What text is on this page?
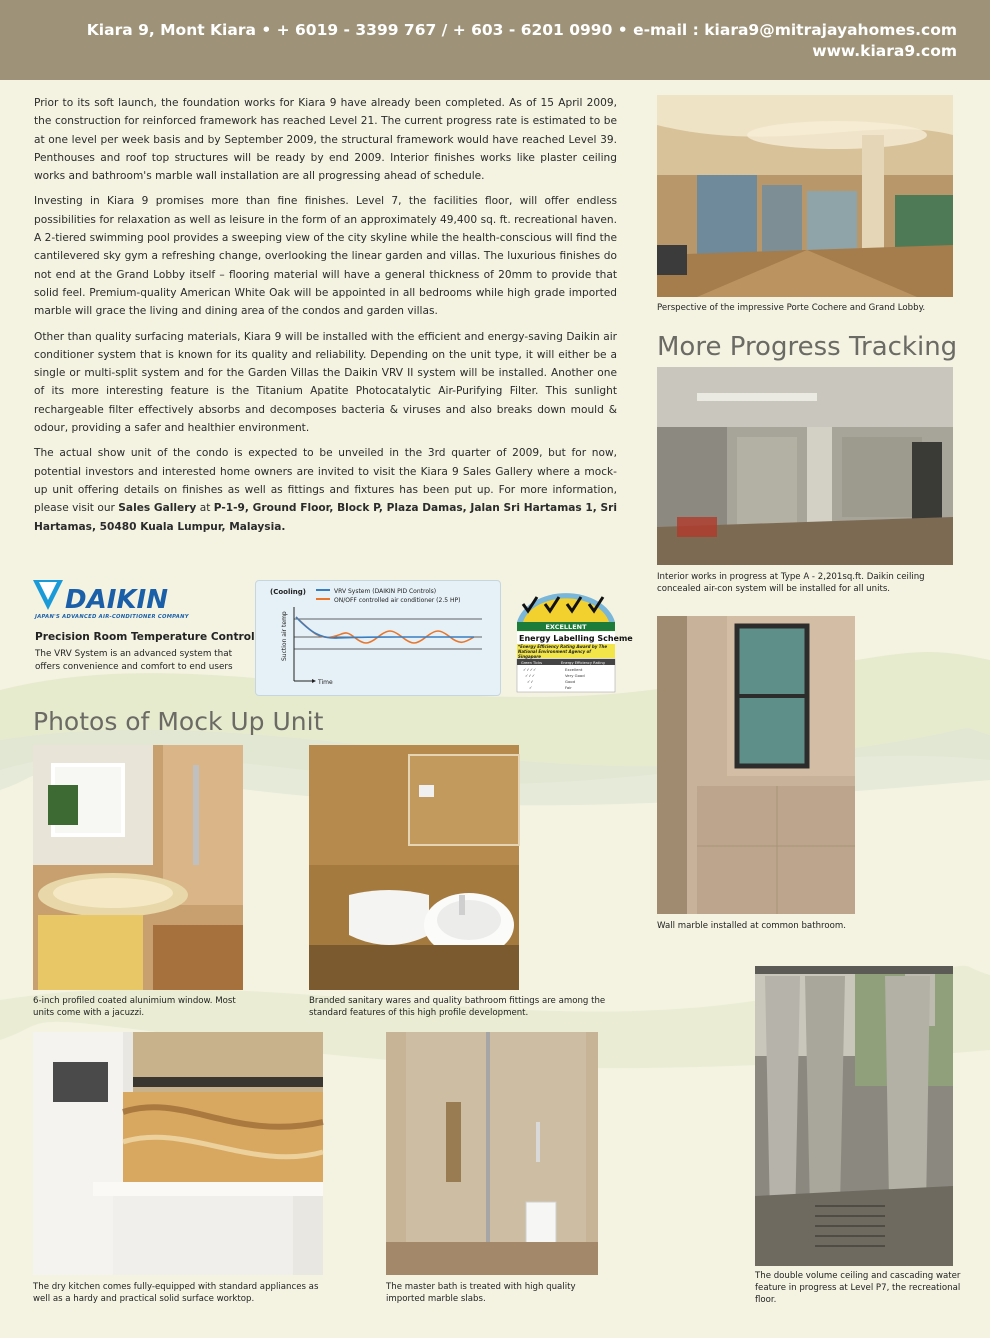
Kiara 9, Mont Kiara • + 6019 - 3399 767 / + 603 - 6201 0990 • e-mail : kiara9@mitrajayahomes.com
www.kiara9.com

Prior to its soft launch, the foundation works for Kiara 9 have already been completed. As of 15 April 2009, the construction for reinforced framework has reached Level 21. The current progress rate is estimated to be at one level per week basis and by September 2009, the structural framework would have reached Level 39. Penthouses and roof top structures will be ready by end 2009. Interior finishes works like plaster ceiling works and bathroom's marble wall installation are all progressing ahead of schedule.

Investing in Kiara 9 promises more than fine finishes. Level 7, the facilities floor, will offer endless possibilities for relaxation as well as leisure in the form of an approximately 49,400 sq. ft. recreational haven. A 2-tiered swimming pool provides a sweeping view of the city skyline while the health-conscious will find the cantilevered sky gym a refreshing change, overlooking the linear garden and villas. The luxurious finishes do not end at the Grand Lobby itself – flooring material will have a general thickness of 20mm to provide that solid feel. Premium-quality American White Oak will be appointed in all bedrooms while high grade imported marble will grace the living and dining area of the condos and garden villas.

Other than quality surfacing materials, Kiara 9 will be installed with the efficient and energy-saving Daikin air conditioner system that is known for its quality and reliability. Depending on the unit type, it will either be a single or multi-split system and for the Garden Villas the Daikin VRV II system will be installed. Another one of its more interesting feature is the Titanium Apatite Photocatalytic Air-Purifying Filter. This sunlight rechargeable filter effectively absorbs and decomposes bacteria & viruses and also breaks down mould & odour, providing a safer and healthier environment.

The actual show unit of the condo is expected to be unveiled in the 3rd quarter of 2009, but for now, potential investors and interested home owners are invited to visit the Kiara 9 Sales Gallery where a mock-up unit offering details on finishes as well as fittings and fixtures has been put up. For more information, please visit our Sales Gallery at P-1-9, Ground Floor, Block P, Plaza Damas, Jalan Sri Hartamas 1, Sri Hartamas, 50480 Kuala Lumpur, Malaysia.

DAIKIN
JAPAN'S ADVANCED AIR-CONDITIONER COMPANY
Precision Room Temperature Control
The VRV System is an advanced system that offers convenience and comfort to end users
(Cooling)	VRV System (DAIKIN PID Controls)
ON/OFF controlled air conditioner (2.5 HP)
Suction air temp
Time
EXCELLENT
Energy Labelling Scheme
*Energy Efficiency Rating Award by The National Environment Agency of Singapore
Green Ticks	Energy Efficiency Rating
✓✓✓✓
✓✓✓
✓✓
✓
Excellent
Very Good
Good
Fair
Photos of Mock Up Unit
More Progress Tracking
Perspective of the impressive Porte Cochere and Grand Lobby.
Interior works in progress at Type A - 2,201sq.ft. Daikin ceiling concealed air-con system will be installed for all units.
Wall marble installed at common bathroom.
The double volume ceiling and cascading water feature in progress at Level P7, the recreational floor.
6-inch profiled coated alunimium window. Most units come with a jacuzzi.
Branded sanitary wares and quality bathroom fittings are among the standard features of this high profile development.
The dry kitchen comes fully-equipped with standard appliances as well as a hardy and practical solid surface worktop.
The master bath is treated with high quality imported marble slabs.
